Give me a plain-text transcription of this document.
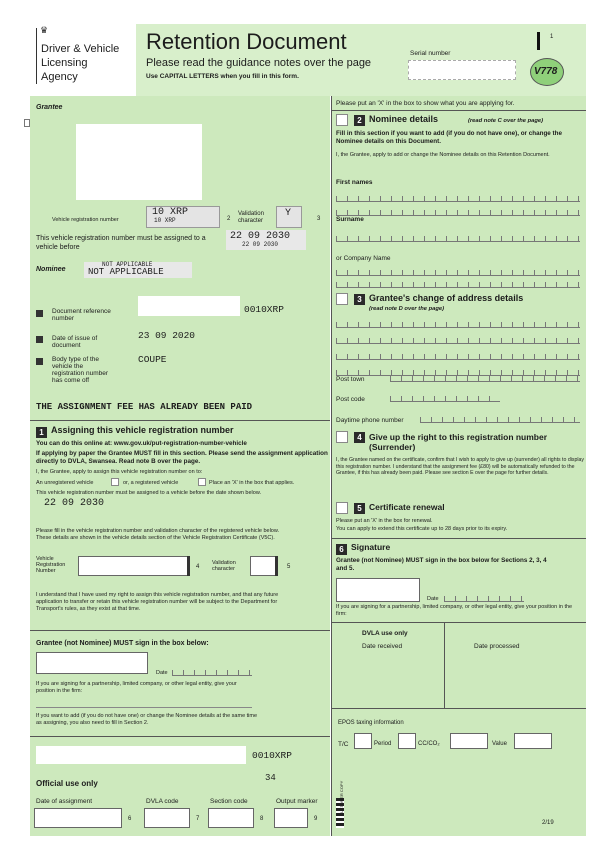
♛
Driver & Vehicle
Licensing
Agency
Retention Document
Please read the guidance notes over the page
Use CAPITAL LETTERS when you fill in this form.
Serial number
1
V778
Grantee
Vehicle registration number
10 XRP
10 XRP	2
Validation character
Y	3
This vehicle registration number must be assigned to a vehicle before
22 09 2030
22 09 2030
Nominee
NOT APPLICABLE
NOT APPLICABLE
Document reference number
0010XRP
Date of issue of document
23 09 2020
Body type of the vehicle the registration number has come off
COUPE
THE ASSIGNMENT FEE HAS ALREADY BEEN PAID
1 Assigning this vehicle registration number
You can do this online at: www.gov.uk/put-registration-number-vehicle
If applying by paper the Grantee MUST fill in this section. Please send the assignment application directly to DVLA, Swansea. Read note B over the page.
I, the Grantee, apply to assign this vehicle registration number on to:
An unregistered vehicle	or, a registered vehicle	Place an 'X' in the box that applies.
This vehicle registration number must be assigned to a vehicle before the date shown below.
22 09 2030
Please fill in the vehicle registration number and validation character of the registered vehicle below. These details are shown in the vehicle details section of the Vehicle Registration Certificate (V5C).
Vehicle Registration Number
4
Validation character	5
I understand that I have used my right to assign this vehicle registration number, and that any future application to transfer or retain this vehicle registration number will be subject to the Department for Transport's rules, as they exist at that time.
Grantee (not Nominee) MUST sign in the box below:
Date
If you are signing for a partnership, limited company, or other legal entity, give your position in the firm:
If you want to add (if you do not have one) or change the Nominee details at the same time as assigning, you also need to fill in Section 2.
0010XRP
34
Official use only
Date of assignment
6
DVLA code
7
Section code
8
Output marker
9
CUSTOMER COPY
2/19
Please put an 'X' in the box to show what you are applying for.
2 Nominee details	(read note C over the page)
Fill in this section if you want to add (if you do not have one), or change the Nominee details on this Document.
I, the Grantee, apply to add or change the Nominee details on this Retention Document.
First names
Surname
or Company Name
3 Grantee's change of address details
(read note D over the page)
Post town
Post code
Daytime phone number
4 Give up the right to this registration number (Surrender)
I, the Grantee named on the certificate, confirm that I wish to apply to give up (surrender) all rights to display this registration number. I understand that the assignment fee (£80) will be automatically refunded to the Grantee, if this has already been paid. Please see section E over the page for further details.
5 Certificate renewal
Please put an 'X' in the box for renewal.
You can apply to extend this certificate up to 28 days prior to its expiry.
6 Signature
Grantee (not Nominee) MUST sign in the box below for Sections 2, 3, 4 and 5.
Date
If you are signing for a partnership, limited company, or other legal entity, give your position in the firm:
DVLA use only
Date received	Date processed
EPOS taxing information
T/C	Period	CC/CO₂	Value
